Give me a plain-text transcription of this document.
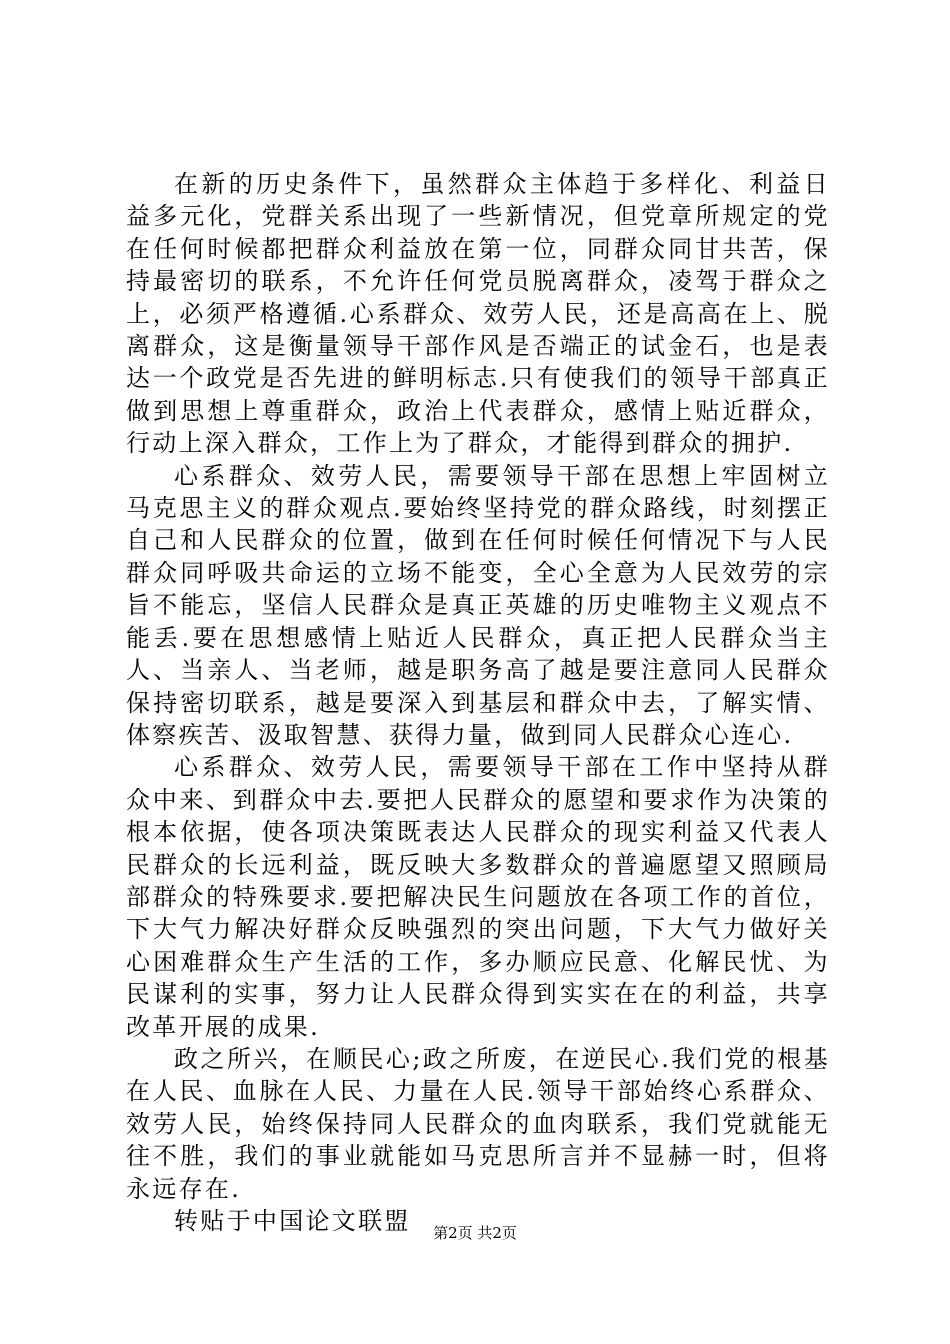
在新的历史条件下，虽然群众主体趋于多样化、利益日益多元化，党群关系出现了一些新情况，但党章所规定的党在任何时候都把群众利益放在第一位，同群众同甘共苦，保持最密切的联系，不允许任何党员脱离群众，凌驾于群众之上，必须严格遵循.心系群众、效劳人民，还是高高在上、脱离群众，这是衡量领导干部作风是否端正的试金石，也是表达一个政党是否先进的鲜明标志.只有使我们的领导干部真正做到思想上尊重群众，政治上代表群众，感情上贴近群众，行动上深入群众，工作上为了群众，才能得到群众的拥护.

心系群众、效劳人民，需要领导干部在思想上牢固树立马克思主义的群众观点.要始终坚持党的群众路线，时刻摆正自己和人民群众的位置，做到在任何时候任何情况下与人民群众同呼吸共命运的立场不能变，全心全意为人民效劳的宗旨不能忘，坚信人民群众是真正英雄的历史唯物主义观点不能丢.要在思想感情上贴近人民群众，真正把人民群众当主人、当亲人、当老师，越是职务高了越是要注意同人民群众保持密切联系，越是要深入到基层和群众中去，了解实情、体察疾苦、汲取智慧、获得力量，做到同人民群众心连心.

心系群众、效劳人民，需要领导干部在工作中坚持从群众中来、到群众中去.要把人民群众的愿望和要求作为决策的根本依据，使各项决策既表达人民群众的现实利益又代表人民群众的长远利益，既反映大多数群众的普遍愿望又照顾局部群众的特殊要求.要把解决民生问题放在各项工作的首位，下大气力解决好群众反映强烈的突出问题，下大气力做好关心困难群众生产生活的工作，多办顺应民意、化解民忧、为民谋利的实事，努力让人民群众得到实实在在的利益，共享改革开展的成果.

政之所兴，在顺民心;政之所废，在逆民心.我们党的根基在人民、血脉在人民、力量在人民.领导干部始终心系群众、效劳人民，始终保持同人民群众的血肉联系，我们党就能无往不胜，我们的事业就能如马克思所言并不显赫一时，但将永远存在.

转贴于中国论文联盟	第2页 共2页
